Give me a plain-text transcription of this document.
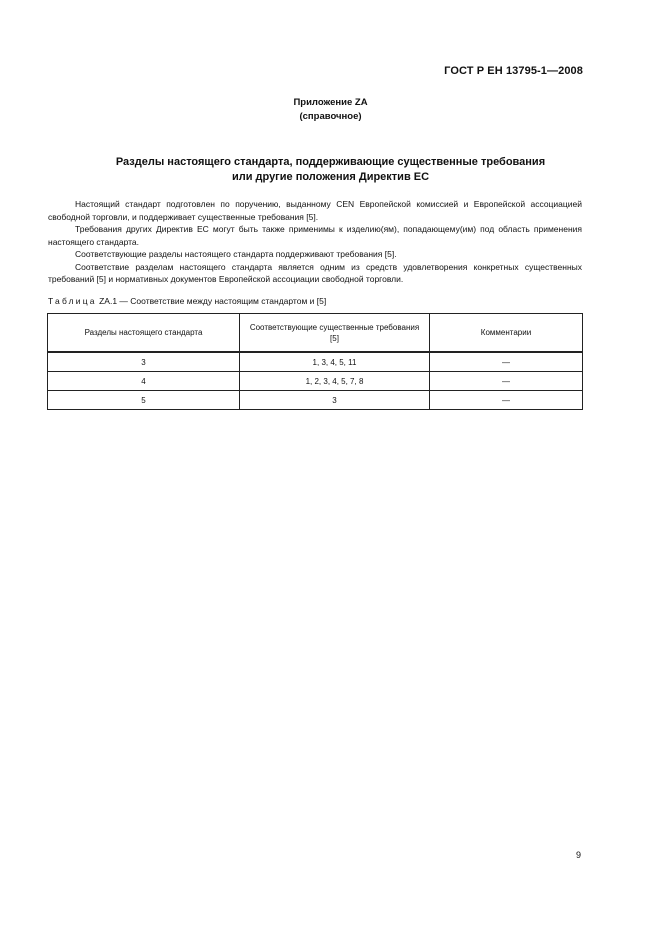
ГОСТ Р ЕН 13795-1—2008
Приложение ZA
(справочное)
Разделы настоящего стандарта, поддерживающие существенные требования
или другие положения Директив ЕС

Настоящий стандарт подготовлен по поручению, выданному CEN Европейской комиссией и Европейской ассоциацией свободной торговли, и поддерживает существенные требования [5].

Требования других Директив ЕС могут быть также применимы к изделию(ям), попадающему(им) под область применения настоящего стандарта.

Соответствующие разделы настоящего стандарта поддерживают требования [5].

Соответствие разделам настоящего стандарта является одним из средств удовлетворения конкретных существенных требований [5] и нормативных документов Европейской ассоциации свободной торговли.

Таблица ZA.1 — Соответствие между настоящим стандартом и [5]
Разделы настоящего стандарта	Соответствующие существенные требования [5]	Комментарии
3	1, 3, 4, 5, 11	—
4	1, 2, 3, 4, 5, 7, 8	—
5	3	—
9
